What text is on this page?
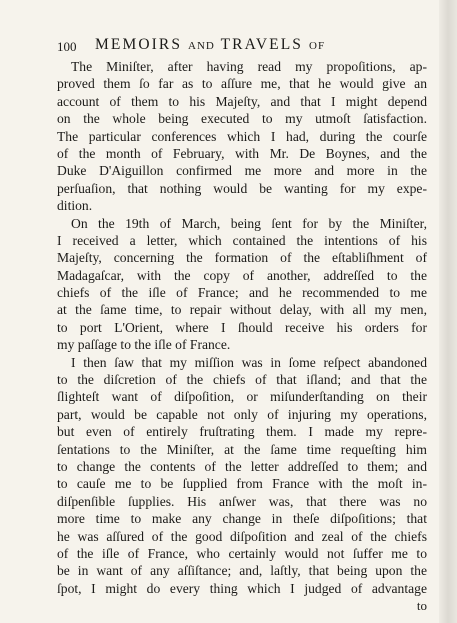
100 MEMOIRS AND TRAVELS OF
The Miniſter, after having read my propoſitions, ap-
proved them ſo far as to aſſure me, that he would give an
account of them to his Majeſty, and that I might depend
on the whole being executed to my utmoſt ſatisfaction.
The particular conferences which I had, during the courſe
of the month of February, with Mr. De Boynes, and the
Duke D'Aiguillon confirmed me more and more in the
perſuaſion, that nothing would be wanting for my expe-
dition.
On the 19th of March, being ſent for by the Miniſter,
I received a letter, which contained the intentions of his
Majeſty, concerning the formation of the eſtabliſhment of
Madagaſcar, with the copy of another, addreſſed to the
chiefs of the iſle of France; and he recommended to me
at the ſame time, to repair without delay, with all my men,
to port L'Orient, where I ſhould receive his orders for
my paſſage to the iſle of France.
I then ſaw that my miſſion was in ſome reſpect abandoned
to the diſcretion of the chiefs of that iſland; and that the
ſlighteſt want of diſpoſition, or miſunderſtanding on their
part, would be capable not only of injuring my operations,
but even of entirely fruſtrating them. I made my repre-
ſentations to the Miniſter, at the ſame time requeſting him
to change the contents of the letter addreſſed to them; and
to cauſe me to be ſupplied from France with the moſt in-
diſpenſible ſupplies. His anſwer was, that there was no
more time to make any change in theſe diſpoſitions; that
he was aſſured of the good diſpoſition and zeal of the chiefs
of the iſle of France, who certainly would not ſuffer me to
be in want of any aſſiſtance; and, laſtly, that being upon the
ſpot, I might do every thing which I judged of advantage
to
